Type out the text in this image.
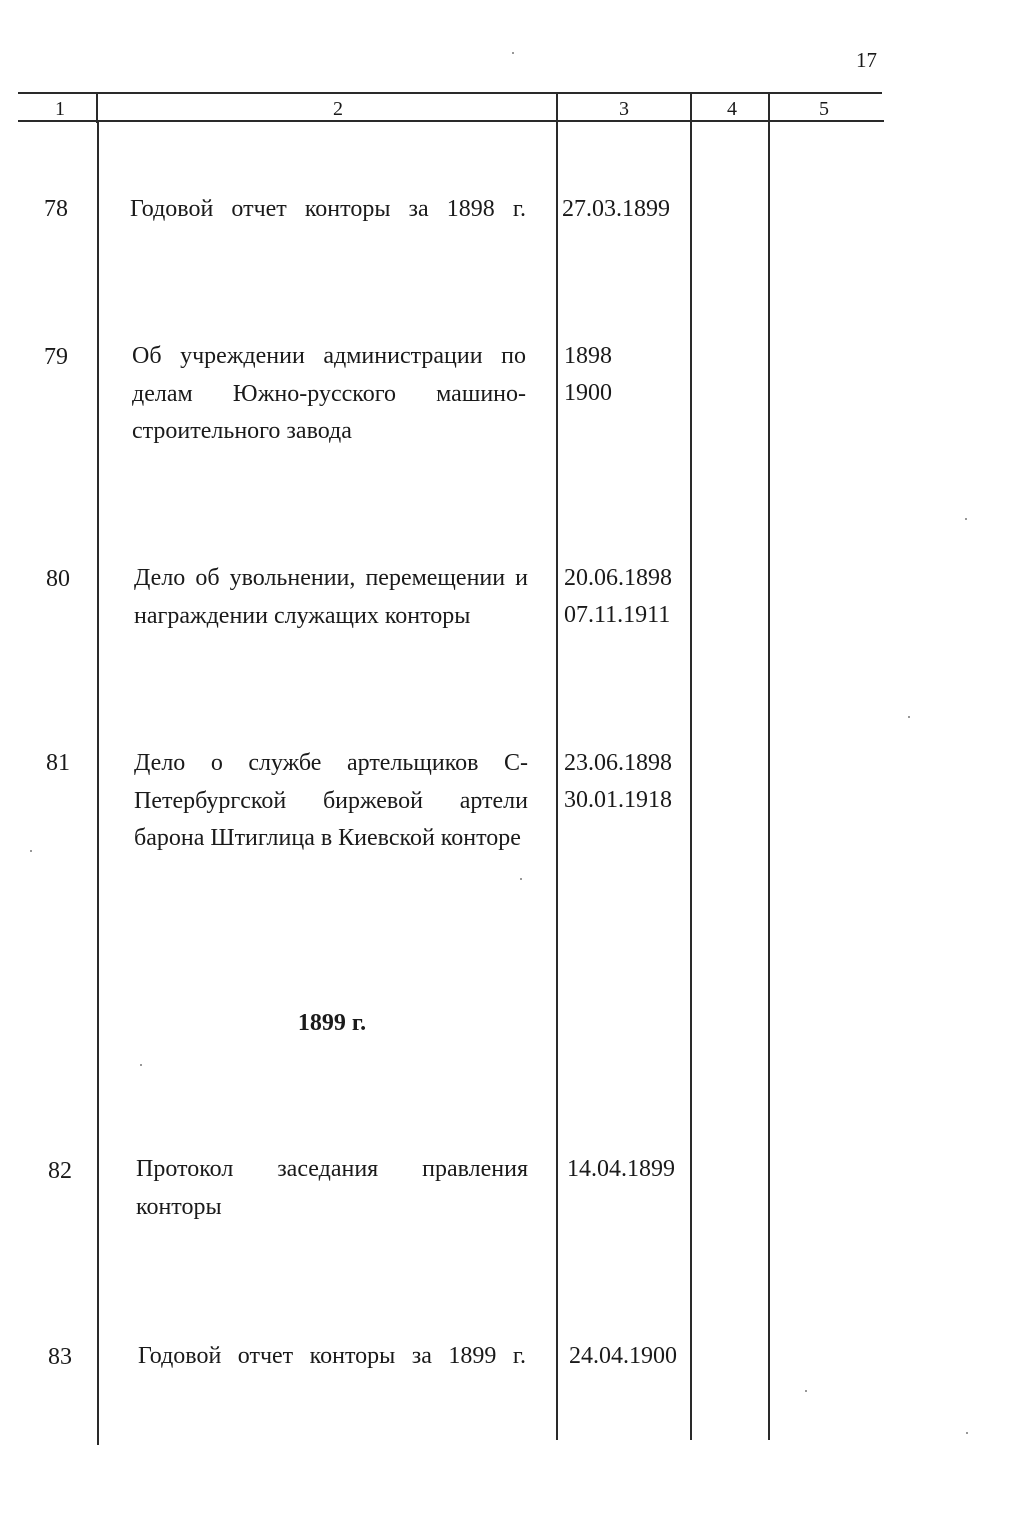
17
1	2	3	4	5
78	Годовой отчет конторы за 1898 г. 27.03.1899
79	Об учреждении администрации по делам Южно-русского машино-строительного завода
1898
1900
80	Дело об увольнении, перемещении и награждении служащих конторы
20.06.1898
07.11.1911
81	Дело о службе артельщиков С-Петербургской биржевой артели барона Штиглица в Киевской конторе
23.06.1898
30.01.1918
1899 г.
82	Протокол заседания правления конторы
14.04.1899
83	Годовой отчет конторы за 1899 г. 24.04.1900
